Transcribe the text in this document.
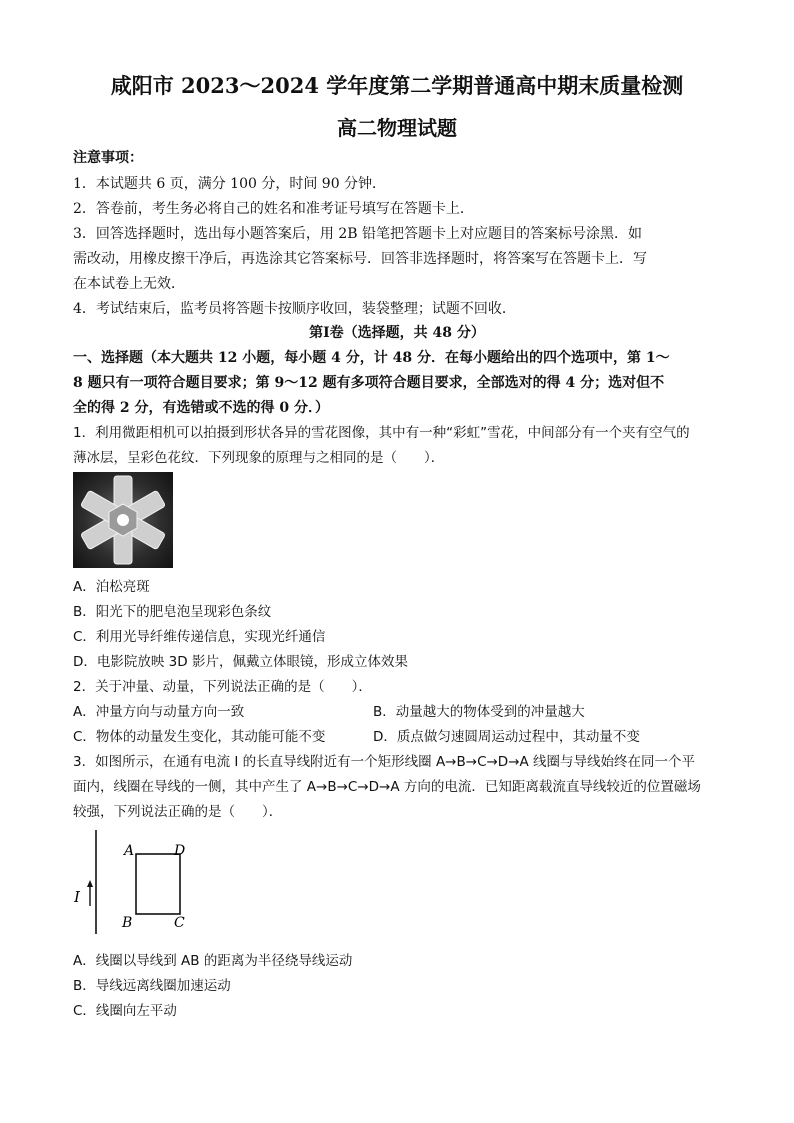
咸阳市 2023～2024 学年度第二学期普通高中期末质量检测
高二物理试题
注意事项：
1．本试题共 6 页，满分 100 分，时间 90 分钟．
2．答卷前，考生务必将自己的姓名和准考证号填写在答题卡上．
3．回答选择题时，选出每小题答案后，用 2B 铅笔把答题卡上对应题目的答案标号涂黑．如
需改动，用橡皮擦干净后，再选涂其它答案标号．回答非选择题时，将答案写在答题卡上．写
在本试卷上无效．
4．考试结束后，监考员将答题卡按顺序收回，装袋整理；试题不回收．
第Ⅰ卷（选择题，共 48 分）
一、选择题（本大题共 12 小题，每小题 4 分，计 48 分．在每小题给出的四个选项中，第 1～
8 题只有一项符合题目要求；第 9～12 题有多项符合题目要求，全部选对的得 4 分；选对但不
全的得 2 分，有选错或不选的得 0 分．）
1．利用微距相机可以拍摄到形状各异的雪花图像，其中有一种“彩虹”雪花，中间部分有一个夹有空气的
薄冰层，呈彩色花纹．下列现象的原理与之相同的是（　　）．
A．泊松亮斑
B．阳光下的肥皂泡呈现彩色条纹
C．利用光导纤维传递信息，实现光纤通信
D．电影院放映 3D 影片，佩戴立体眼镜，形成立体效果
2．关于冲量、动量，下列说法正确的是（　　）．
A．冲量方向与动量方向一致	B．动量越大的物体受到的冲量越大
C．物体的动量发生变化，其动能可能不变	D．质点做匀速圆周运动过程中，其动量不变
3．如图所示，在通有电流 I 的长直导线附近有一个矩形线圈 A→B→C→D→A 线圈与导线始终在同一个平
面内，线圈在导线的一侧，其中产生了 A→B→C→D→A 方向的电流．已知距离载流直导线较近的位置磁场
较强，下列说法正确的是（　　）．
I
A	D
B	C
A．线圈以导线到 AB 的距离为半径绕导线运动
B．导线远离线圈加速运动
C．线圈向左平动
